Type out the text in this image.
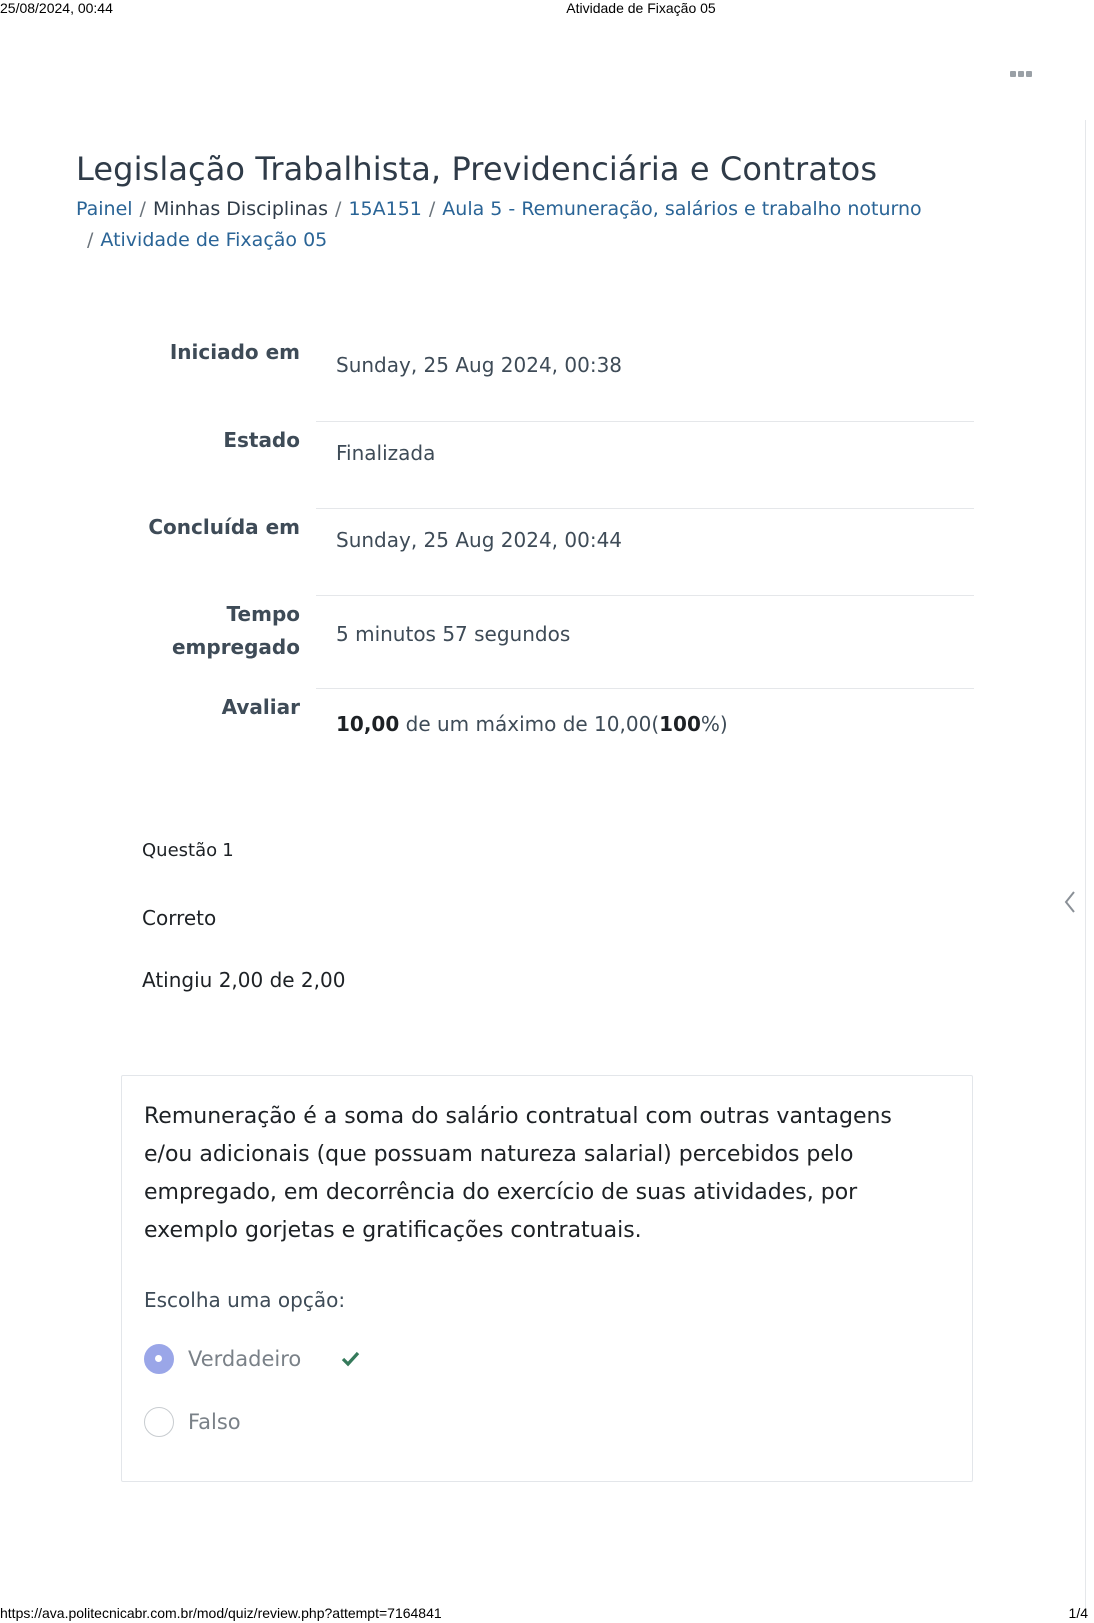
25/08/2024, 00:44	Atividade de Fixação 05
Legislação Trabalhista, Previdenciária e Contratos
Painel / Minhas Disciplinas / 15A151 / Aula 5 - Remuneração, salários e trabalho noturno
/ Atividade de Fixação 05
Iniciado em
Sunday, 25 Aug 2024, 00:38
Estado
Finalizada
Concluída em
Sunday, 25 Aug 2024, 00:44
Tempo
empregado
5 minutos 57 segundos
Avaliar
10,00 de um máximo de 10,00(100%)
Questão 1
Correto
Atingiu 2,00 de 2,00
Remuneração é a soma do salário contratual com outras vantagens e/ou adicionais (que possuam natureza salarial) percebidos pelo empregado, em decorrência do exercício de suas atividades, por exemplo gorjetas e gratificações contratuais.
Escolha uma opção:
Verdadeiro
Falso
https://ava.politecnicabr.com.br/mod/quiz/review.php?attempt=7164841	1/4
